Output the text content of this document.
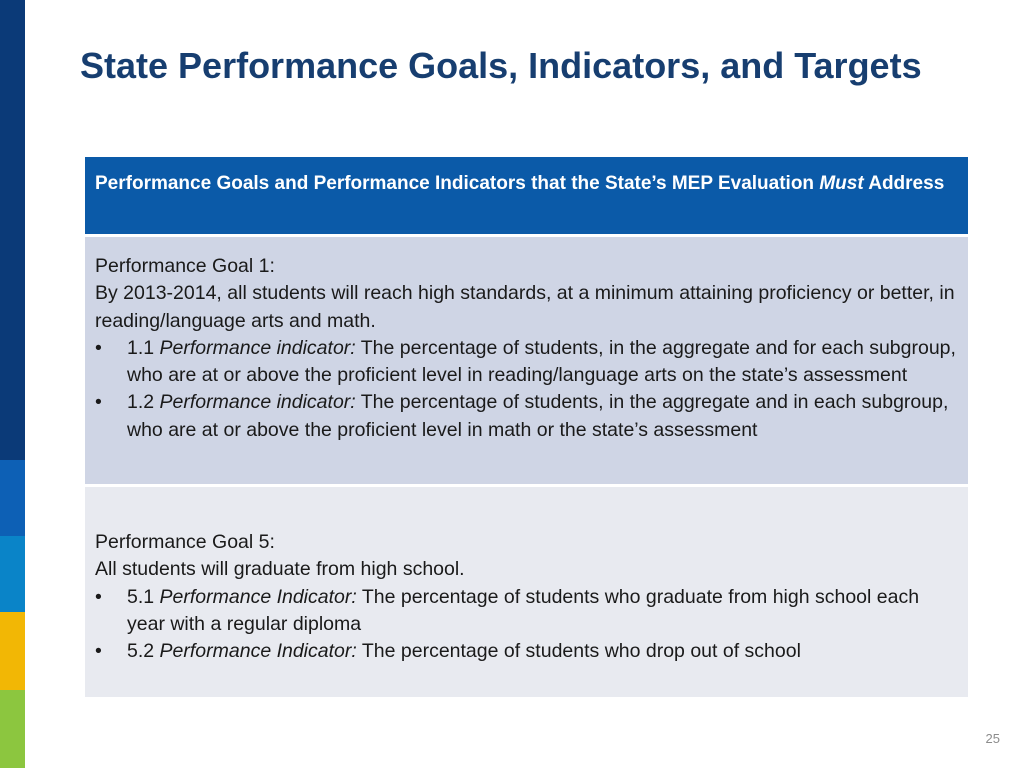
State Performance Goals, Indicators, and Targets
Performance Goals and Performance Indicators that the State’s MEP Evaluation Must Address
Performance Goal 1:
By 2013-2014, all students will reach high standards, at a minimum attaining proficiency or better, in reading/language arts and math.
• 1.1 Performance indicator: The percentage of students, in the aggregate and for each subgroup, who are at or above the proficient level in reading/language arts on the state’s assessment
• 1.2 Performance indicator: The percentage of students, in the aggregate and in each subgroup, who are at or above the proficient level in math or the state’s assessment
Performance Goal 5:
All students will graduate from high school.
• 5.1 Performance Indicator: The percentage of students who graduate from high school each year with a regular diploma
• 5.2 Performance Indicator: The percentage of students who drop out of school
25
